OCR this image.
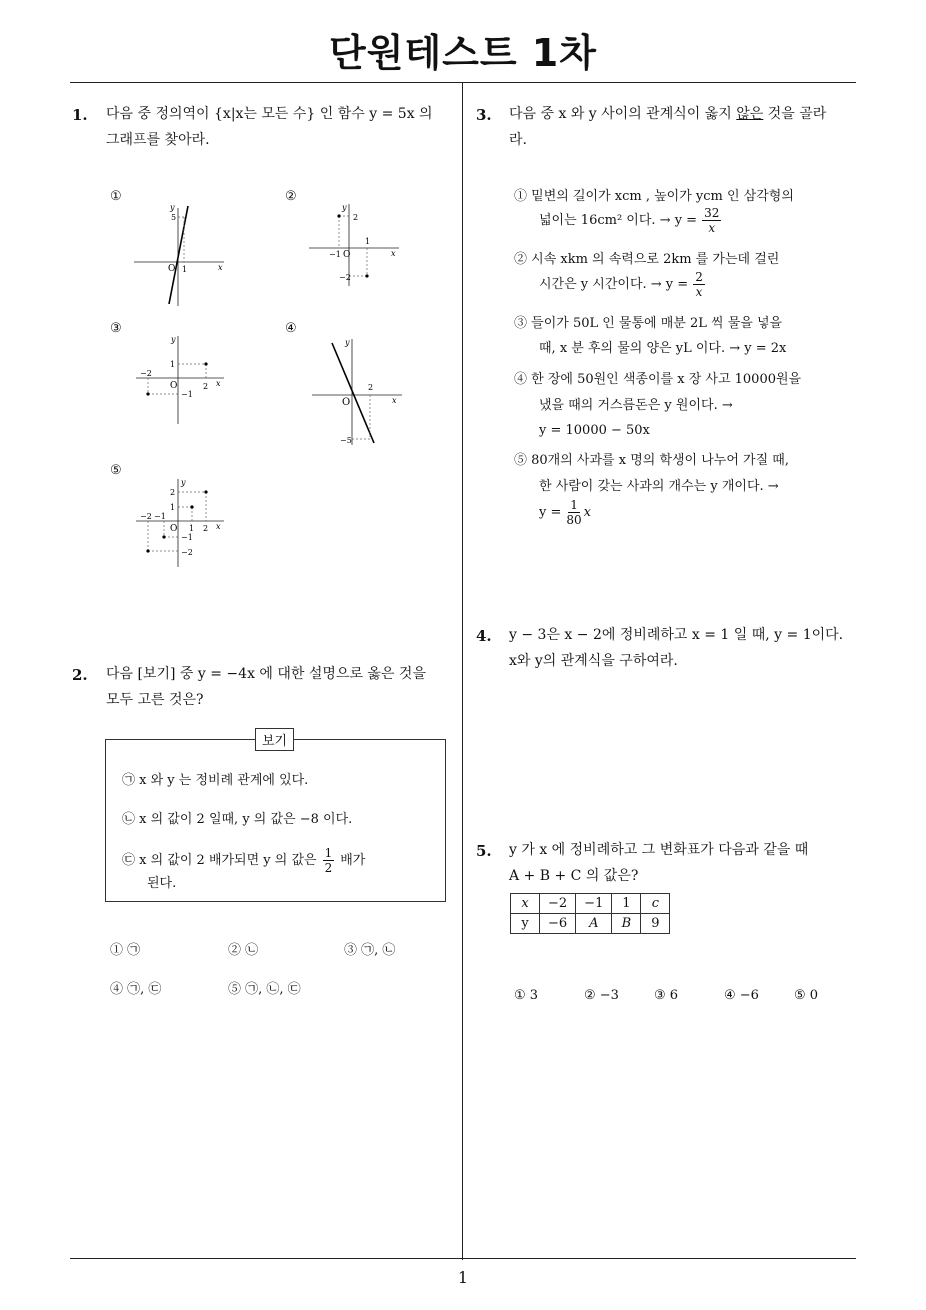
단원테스트 1차
1
1. 다음 중 정의역이 {x|x는 모든 수} 인 함수 y = 5x 의
그래프를 찾아라.
①	②
③	④
⑤
x
y
5
O 1
x
y
2
−1 O
1
−2
x
y
1
−2
O	2
−1
x
y
O
2
−5
x
y
2
1
−2 −1
O 1 2
−1
−2
2. 다음 [보기] 중 y = −4x 에 대한 설명으로 옳은 것을
모두 고른 것은?
보기
㉠ x 와 y 는 정비례 관계에 있다.
㉡ x 의 값이 2 일때, y 의 값은 −8 이다.
㉢ x 의 값이 2 배가되면 y 의 값은 $\frac{1}{2}$ 배가
된다.
① ㉠	② ㉡	③ ㉠, ㉡
④ ㉠, ㉢	⑤ ㉠, ㉡, ㉢
3. 다음 중 x 와 y 사이의 관계식이 옳지 않은 것을 골라
라.
① 밑변의 길이가 xcm , 높이가 ycm 인 삼각형의
넓이는 16cm² 이다. → $y = \frac{32}{x}$
② 시속 xkm 의 속력으로 2km 를 가는데 걸린
시간은 y 시간이다. → $y = \frac{2}{x}$
③ 들이가 50L 인 물통에 매분 2L 씩 물을 넣을
때, x 분 후의 물의 양은 yL 이다. → y = 2x
④ 한 장에 50원인 색종이를 x 장 사고 10000원을
냈을 때의 거스름돈은 y 원이다. →
y = 10000 − 50x
⑤ 80개의 사과를 x 명의 학생이 나누어 가질 때,
한 사람이 갖는 사과의 개수는 y 개이다. →
$y = \frac{1}{80}$ x
4. y − 3은 x − 2에 정비례하고 x = 1 일 때, y = 1이다.
x와 y의 관계식을 구하여라.
5. y 가 x 에 정비례하고 그 변화표가 다음과 같을 때
A + B + C 의 값은?
x	−2	−1	1	c
y	−6	A	B	9
① 3	② −3	③ 6	④ −6	⑤ 0
